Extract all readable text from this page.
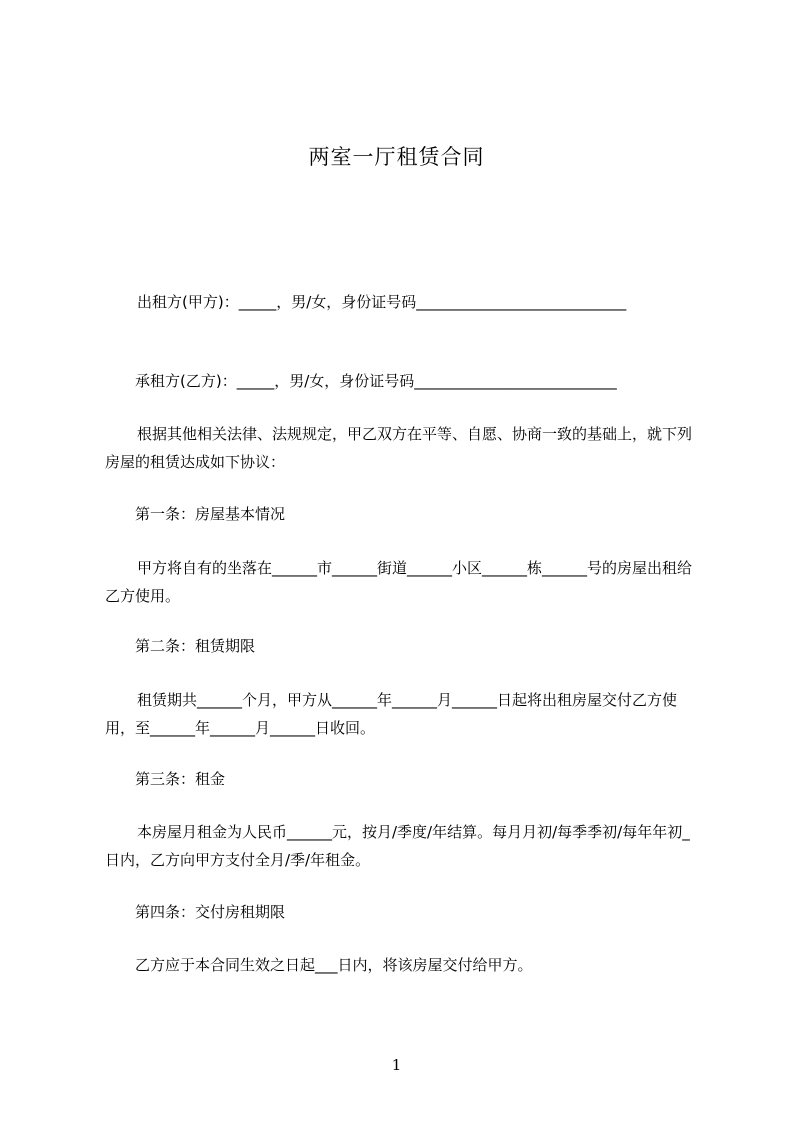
两室一厅租赁合同

出租方(甲方)：_____，男/女，身份证号码____________________________

承租方(乙方)：_____，男/女，身份证号码___________________________

根据其他相关法律、法规规定，甲乙双方在平等、自愿、协商一致的基础上，就下列房屋的租赁达成如下协议：

第一条：房屋基本情况

甲方将自有的坐落在______市______街道______小区______栋______号的房屋出租给乙方使用。

第二条：租赁期限

租赁期共______个月，甲方从______年______月______日起将出租房屋交付乙方使用，至______年______月______日收回。

第三条：租金

本房屋月租金为人民币______元，按月/季度/年结算。每月月初/每季季初/每年年初_日内，乙方向甲方支付全月/季/年租金。

第四条：交付房租期限

乙方应于本合同生效之日起___日内，将该房屋交付给甲方。

1
